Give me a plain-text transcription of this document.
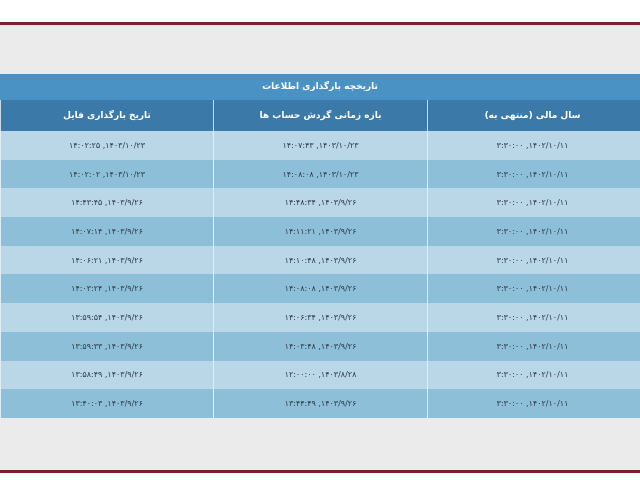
تاریخچه بارگذاری اطلاعات
سال مالی (منتهی به)
بازه زمانی گردش حساب ها
تاریخ بارگذاری فایل
۱۴۰۲/۱۰/۱۱, ۳:۳۰:۰۰
۱۴۰۳/۱۰/۲۳, ۱۴:۰۷:۴۳
۱۴۰۳/۱۰/۲۳, ۱۴:۰۲:۲۵
۱۴۰۲/۱۰/۱۱, ۳:۳۰:۰۰
۱۴۰۳/۱۰/۲۳, ۱۴:۰۸:۰۸
۱۴۰۳/۱۰/۲۳, ۱۴:۰۲:۰۲
۱۴۰۲/۱۰/۱۱, ۳:۳۰:۰۰
۱۴۰۳/۹/۲۶, ۱۴:۴۸:۳۴
۱۴۰۳/۹/۲۶, ۱۴:۴۳:۴۵
۱۴۰۲/۱۰/۱۱, ۳:۳۰:۰۰
۱۴۰۳/۹/۲۶, ۱۴:۱۱:۲۱
۱۴۰۳/۹/۲۶, ۱۴:۰۷:۱۴
۱۴۰۲/۱۰/۱۱, ۳:۳۰:۰۰
۱۴۰۳/۹/۲۶, ۱۴:۱۰:۴۸
۱۴۰۳/۹/۲۶, ۱۴:۰۶:۲۱
۱۴۰۲/۱۰/۱۱, ۳:۳۰:۰۰
۱۴۰۳/۹/۲۶, ۱۴:۰۸:۰۸
۱۴۰۳/۹/۲۶, ۱۴:۰۳:۲۴
۱۴۰۲/۱۰/۱۱, ۳:۳۰:۰۰
۱۴۰۳/۹/۲۶, ۱۴:۰۶:۳۴
۱۴۰۳/۹/۲۶, ۱۳:۵۹:۵۴
۱۴۰۲/۱۰/۱۱, ۳:۳۰:۰۰
۱۴۰۳/۹/۲۶, ۱۴:۰۳:۴۸
۱۴۰۳/۹/۲۶, ۱۳:۵۹:۳۳
۱۴۰۲/۱۰/۱۱, ۳:۳۰:۰۰
۱۴۰۳/۸/۲۸, ۱۲:۰۰:۰۰
۱۴۰۳/۹/۲۶, ۱۳:۵۸:۴۹
۱۴۰۲/۱۰/۱۱, ۳:۳۰:۰۰
۱۴۰۳/۹/۲۶, ۱۳:۴۴:۴۹
۱۴۰۳/۹/۲۶, ۱۳:۴۰:۰۳
